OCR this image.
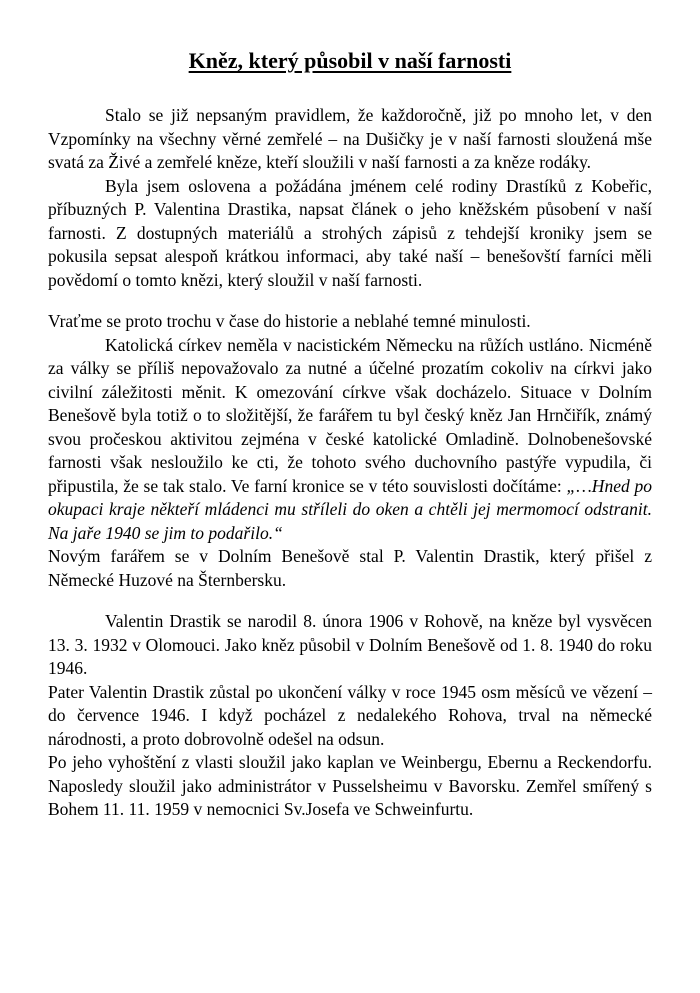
Kněz, který působil v naší farnosti

Stalo se již nepsaným pravidlem, že každoročně, již po mnoho let, v den Vzpomínky na všechny věrné zemřelé – na Dušičky je v naší farnosti sloužená mše svatá za Živé a zemřelé kněze, kteří sloužili v naší farnosti a za kněze rodáky.

Byla jsem oslovena a požádána jménem celé rodiny Drastíků z Kobeřic, příbuzných P. Valentina Drastika, napsat článek o jeho kněžském působení v naší farnosti. Z dostupných materiálů a strohých zápisů z tehdejší kroniky jsem se pokusila sepsat alespoň krátkou informaci, aby také naší – benešovští farníci měli povědomí o tomto knězi, který sloužil v naší farnosti.

Vraťme se proto trochu v čase do historie a neblahé temné minulosti.

Katolická církev neměla v nacistickém Německu na růžích ustláno. Nicméně za války se příliš nepovažovalo za nutné a účelné prozatím cokoliv na církvi jako civilní záležitosti měnit. K omezování církve však docházelo. Situace v Dolním Benešově byla totiž o to složitější, že farářem tu byl český kněz Jan Hrnčiřík, známý svou pročeskou aktivitou zejména v české katolické Omladině. Dolnobenešovské farnosti však nesloužilo ke cti, že tohoto svého duchovního pastýře vypudila, či připustila, že se tak stalo. Ve farní kronice se v této souvislosti dočítáme: „…Hned po okupaci kraje někteří mládenci mu stříleli do oken a chtěli jej mermomocí odstranit. Na jaře 1940 se jim to podařilo.“

Novým farářem se v Dolním Benešově stal P. Valentin Drastik, který přišel z Německé Huzové na Šternbersku.

Valentin Drastik se narodil 8. února 1906 v Rohově, na kněze byl vysvěcen 13. 3. 1932 v Olomouci. Jako kněz působil v Dolním Benešově od 1. 8. 1940 do roku 1946.

Pater Valentin Drastik zůstal po ukončení války v roce 1945 osm měsíců ve vězení – do července 1946. I když pocházel z nedalekého Rohova, trval na německé národnosti, a proto dobrovolně odešel na odsun.

Po jeho vyhoštění z vlasti sloužil jako kaplan ve Weinbergu, Ebernu a Reckendorfu. Naposledy sloužil jako administrátor v Pusselsheimu v Bavorsku. Zemřel smířený s Bohem 11. 11. 1959 v nemocnici Sv.Josefa ve Schweinfurtu.
